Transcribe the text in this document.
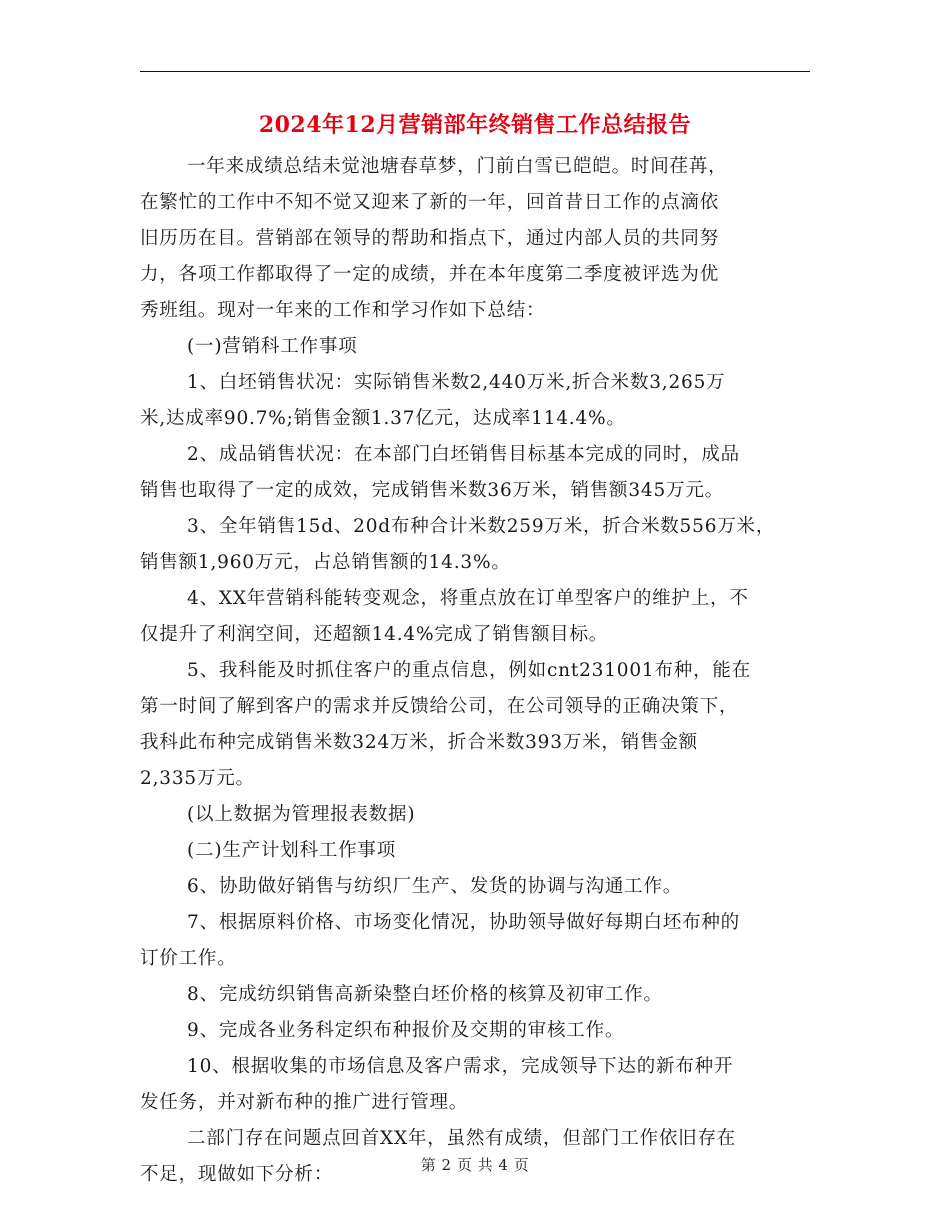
2024年12月营销部年终销售工作总结报告
一年来成绩总结未觉池塘春草梦，门前白雪已皑皑。时间荏苒，
在繁忙的工作中不知不觉又迎来了新的一年，回首昔日工作的点滴依
旧历历在目。营销部在领导的帮助和指点下，通过内部人员的共同努
力，各项工作都取得了一定的成绩，并在本年度第二季度被评选为优
秀班组。现对一年来的工作和学习作如下总结：
(一)营销科工作事项
1、白坯销售状况：实际销售米数2,440万米,折合米数3,265万
米,达成率90.7%;销售金额1.37亿元，达成率114.4%。
2、成品销售状况：在本部门白坯销售目标基本完成的同时，成品
销售也取得了一定的成效，完成销售米数36万米，销售额345万元。
3、全年销售15d、20d布种合计米数259万米，折合米数556万米，
销售额1,960万元，占总销售额的14.3%。
4、XX年营销科能转变观念，将重点放在订单型客户的维护上，不
仅提升了利润空间，还超额14.4%完成了销售额目标。
5、我科能及时抓住客户的重点信息，例如cnt231001布种，能在
第一时间了解到客户的需求并反馈给公司，在公司领导的正确决策下，
我科此布种完成销售米数324万米，折合米数393万米，销售金额
2,335万元。
(以上数据为管理报表数据)
(二)生产计划科工作事项
6、协助做好销售与纺织厂生产、发货的协调与沟通工作。
7、根据原料价格、市场变化情况，协助领导做好每期白坯布种的
订价工作。
8、完成纺织销售高新染整白坯价格的核算及初审工作。
9、完成各业务科定织布种报价及交期的审核工作。
10、根据收集的市场信息及客户需求，完成领导下达的新布种开
发任务，并对新布种的推广进行管理。
二部门存在问题点回首XX年，虽然有成绩，但部门工作依旧存在
不足，现做如下分析：	第 2 页 共 4 页
